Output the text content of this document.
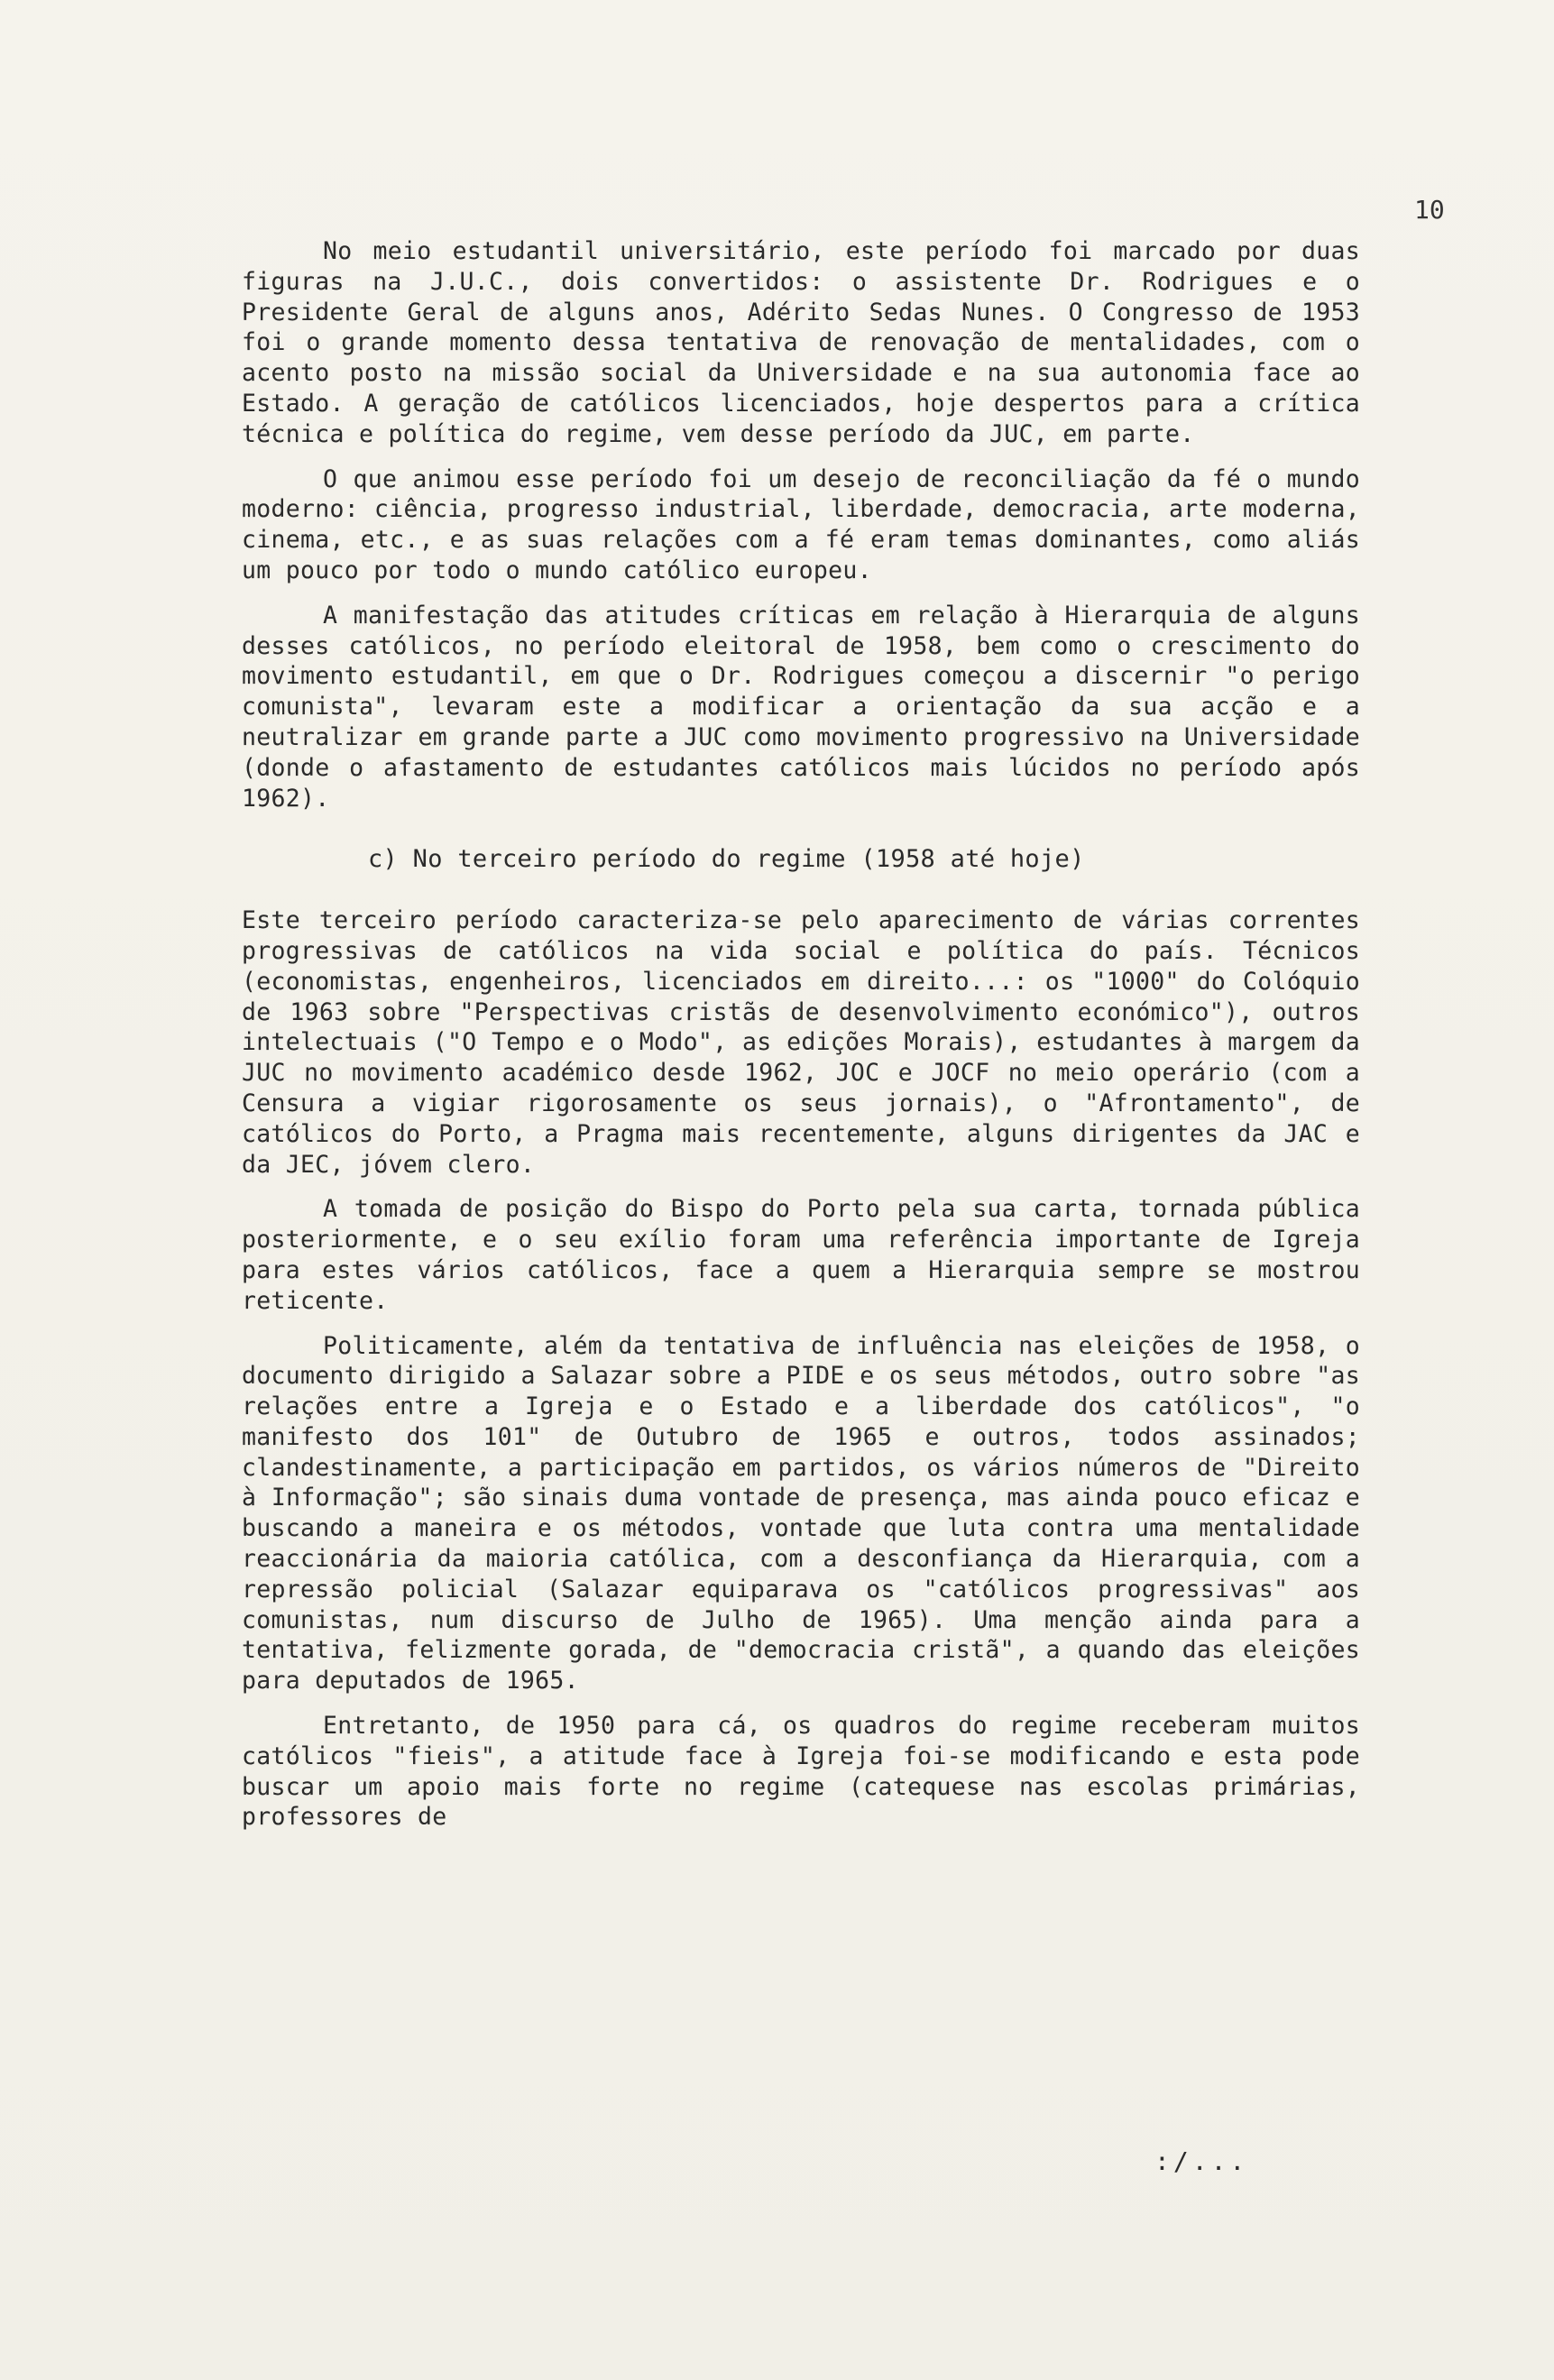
10

No meio estudantil universitário, este período foi marcado por duas figuras na J.U.C., dois convertidos: o assistente Dr. Rodrigues e o Presidente Geral de alguns anos, Adérito Sedas Nunes. O Congresso de 1953 foi o grande momento dessa tentativa de renovação de mentalidades, com o acento posto na missão social da Universidade e na sua autonomia face ao Estado. A geração de católicos licenciados, hoje despertos para a crítica técnica e política do regime, vem desse período da JUC, em parte.

O que animou esse período foi um desejo de reconciliação da fé o mundo moderno: ciência, progresso industrial, liberdade, democracia, arte moderna, cinema, etc., e as suas relações com a fé eram temas dominantes, como aliás um pouco por todo o mundo católico europeu.

A manifestação das atitudes críticas em relação à Hierarquia de alguns desses católicos, no período eleitoral de 1958, bem como o crescimento do movimento estudantil, em que o Dr. Rodrigues começou a discernir "o perigo comunista", levaram este a modificar a orientação da sua acção e a neutralizar em grande parte a JUC como movimento progressivo na Universidade (donde o afastamento de estudantes católicos mais lúcidos no período após 1962).

c) No terceiro período do regime (1958 até hoje)

Este terceiro período caracteriza-se pelo aparecimento de várias correntes progressivas de católicos na vida social e política do país. Técnicos (economistas, engenheiros, licenciados em direito...: os "1000" do Colóquio de 1963 sobre "Perspectivas cristãs de desenvolvimento económico"), outros intelectuais ("O Tempo e o Modo", as edições Morais), estudantes à margem da JUC no movimento académico desde 1962, JOC e JOCF no meio operário (com a Censura a vigiar rigorosamente os seus jornais), o "Afrontamento", de católicos do Porto, a Pragma mais recentemente, alguns dirigentes da JAC e da JEC, jóvem clero.

A tomada de posição do Bispo do Porto pela sua carta, tornada pública posteriormente, e o seu exílio foram uma referência importante de Igreja para estes vários católicos, face a quem a Hierarquia sempre se mostrou reticente.

Politicamente, além da tentativa de influência nas eleições de 1958, o documento dirigido a Salazar sobre a PIDE e os seus métodos, outro sobre "as relações entre a Igreja e o Estado e a liberdade dos católicos", "o manifesto dos 101" de Outubro de 1965 e outros, todos assinados; clandestinamente, a participação em partidos, os vários números de "Direito à Informação"; são sinais duma vontade de presença, mas ainda pouco eficaz e buscando a maneira e os métodos, vontade que luta contra uma mentalidade reaccionária da maioria católica, com a desconfiança da Hierarquia, com a repressão policial (Salazar equiparava os "católicos progressivas" aos comunistas, num discurso de Julho de 1965). Uma menção ainda para a tentativa, felizmente gorada, de "democracia cristã", a quando das eleições para deputados de 1965.

Entretanto, de 1950 para cá, os quadros do regime receberam muitos católicos "fieis", a atitude face à Igreja foi-se modificando e esta pode buscar um apoio mais forte no regime (catequese nas escolas primárias, professores de

:/...
